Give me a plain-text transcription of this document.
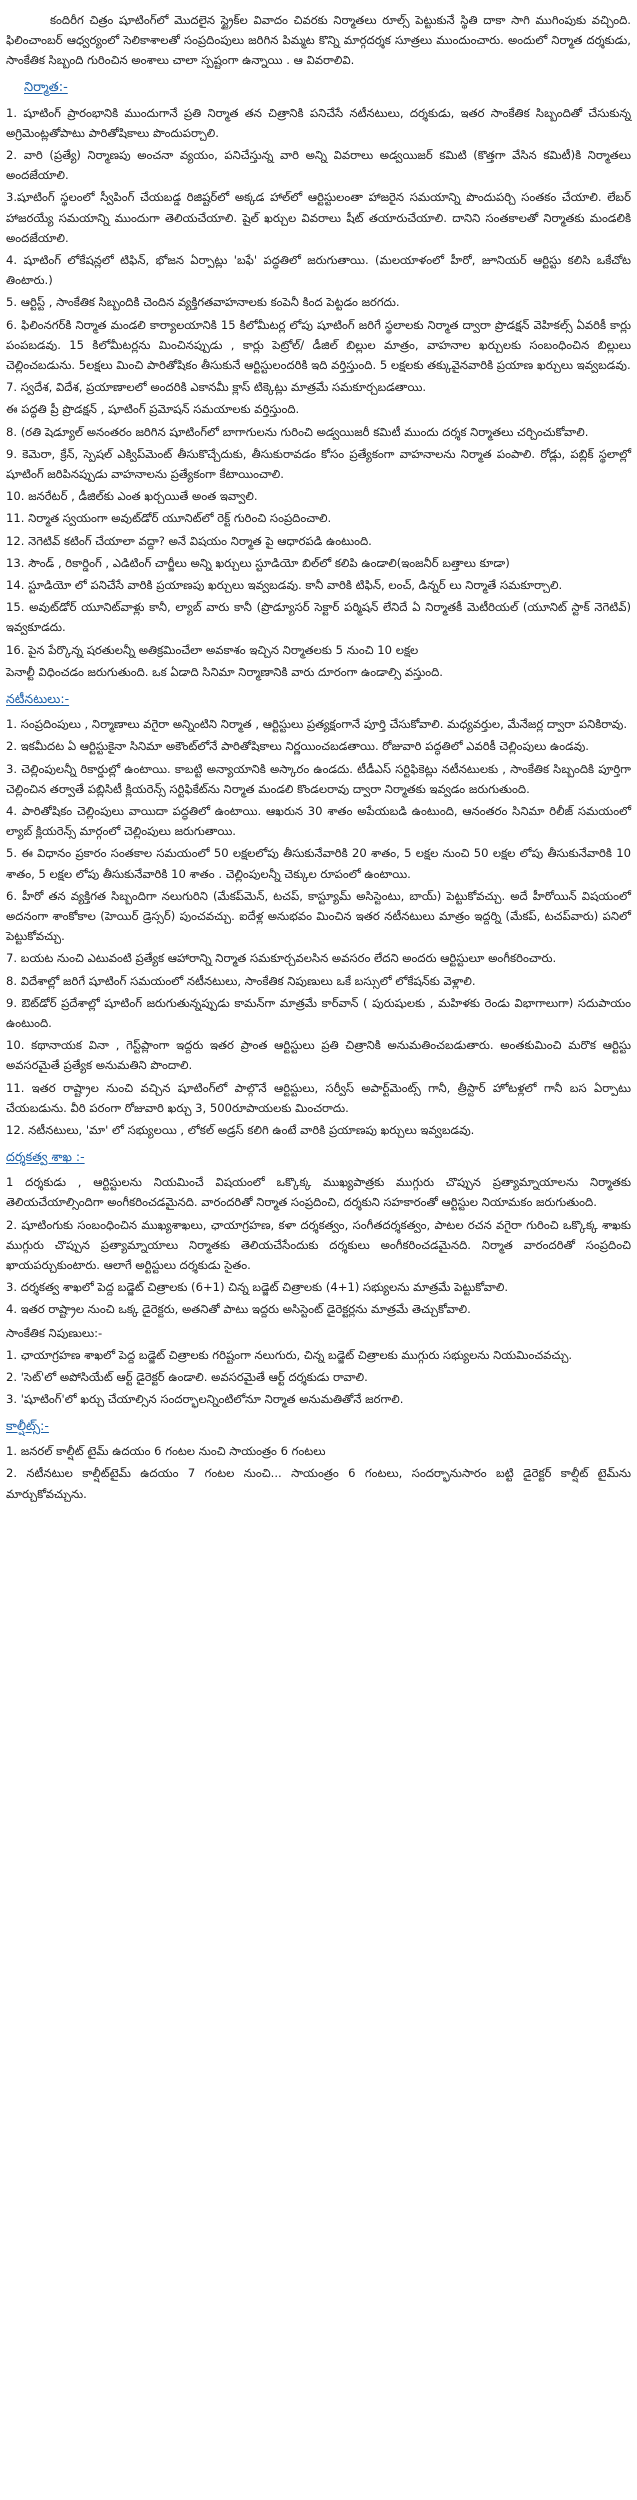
కందిరీగ చిత్రం షూటింగ్‌లో మొదలైన స్ట్రైక్‌ల వివాదం చివరకు నిర్మాతలు రూల్స్ పెట్టుకునే స్థితి దాకా సాగి ముగింపుకు వచ్చింది. ఫిలించాంబర్ ఆధ్వర్యంలో సెలికాశాలతో సంప్రదింపులు జరిగిన పిమ్మట కొన్ని మార్గదర్శక సూత్రలు ముందుంచారు. అందులో నిర్మాత దర్శకుడు, సాంకేతిక సిబ్బంది గురించిన అంశాలు చాలా స్పష్టంగా ఉన్నాయి . ఆ వివరాలివి.

నిర్మాత:-

1. షూటింగ్ ప్రారంభానికి ముందుగానే ప్రతి నిర్మాత తన చిత్రానికి పనిచేసే నటీనటులు, దర్శకుడు, ఇతర సాంకేతిక సిబ్బందితో చేసుకున్న అగ్రిమెంట్లతోపాటు పారితోషికాలు పొందుపర్చాలి.

2. వారి (ప్రత్యే) నిర్మాణపు అంచనా వ్యయం, పనిచేస్తున్న వారి అన్ని వివరాలు అడ్వయిజర్ కమిటి (కొత్తగా వేసిన కమిటీ)కి నిర్మాతలు అందజేయాలి.

3.షూటింగ్ స్థలంలో స్వీపింగ్ చేయబడ్డ రిజిష్టర్‌లో అక్కడ హాల్‌లో ఆర్టిస్టులంతా హాజరైన సమయాన్ని పొందుపర్చి సంతకం చేయాలి. లేబర్ హాజరయ్యే సమయాన్ని ముందుగా తెలియచేయాలి. షైల్ ఖర్చుల వివరాలు షీట్ తయారుచేయాలి. దానిని సంతకాలతో నిర్మాతకు మండలికి అందజేయాలి.

4. షూటింగ్ లోకేషన్లలో టిఫిన్, భోజన ఏర్పాట్లు 'బఫే' పద్ధతిలో జరుగుతాయి. (మలయాళంలో హీరో, జూనియర్ ఆర్టిస్టు కలిసి ఒకేచోట తింటారు.)

5. ఆర్టిస్ట్ , సాంకేతిక సిబ్బందికి చెందిన వ్యక్తిగతవాహనాలకు కంపెనీ కింద పెట్టడం జరగదు.

6. ఫిలింనగర్‌కి నిర్మాత మండలి కార్యాలయానికి 15 కిలోమీటర్ల లోపు షూటింగ్ జరిగే స్థలాలకు నిర్మాత ద్వారా ప్రొడక్షన్ వెహికల్స్ ఏవరికీ కార్లు పంపబడవు. 15 కిలోమీటర్లను మించినప్పుడు , కార్లు పెట్రోల్/ డీజిల్ బిల్లుల మాత్రం, వాహనాల ఖర్చులకు సంబంధించిన బిల్లులు చెల్లించబడును. 5లక్షలు మించి పారితోషికం తీసుకునే ఆర్టిస్టులందరికి ఇది వర్తిస్తుంది. 5 లక్షలకు తక్కువైనవారికి ప్రయాణ ఖర్చులు ఇవ్వబడవు.

7. స్వదేశ, విదేశ, ప్రయాణాలలో అందరికి ఎకానమీ క్లాస్ టిక్కెట్లు మాత్రమే సమకూర్చబడతాయి.

ఈ పద్ధతి ప్రీ ప్రొడక్షన్ , షూటింగ్ ప్రమోషన్ సమయాలకు వర్తిస్తుంది.

8. (రతి షెడ్యూల్ అనంతరం జరిగిన షూటింగ్‌లో బాగాగులను గురించి అడ్వయిజరీ కమిటీ ముందు దర్శక నిర్మాతలు చర్చించుకోవాలి.

9. కెమెరా, క్రేన్, స్పెషల్ ఎక్విప్‌మెంట్ తీసుకొచ్చేదుకు, తీసుకురావడం కోసం ప్రత్యేకంగా వాహనాలను నిర్మాత పంపాలి. రోడ్లు, పబ్లిక్ స్థలాల్లో షూటింగ్ జరిపినప్పుడు వాహనాలను ప్రత్యేకంగా కేటాయించాలి.

10. జనరేటర్ , డీజిల్‌కు ఎంత ఖర్చయితే అంత ఇవ్వాలి.

11. నిర్మాత స్వయంగా అవుట్‌డోర్ యూనిట్‌లో రెక్ట్ గురించి సంప్రదించాలి.

12. నెగెటివ్ కటింగ్ చేయాలా వద్దా? అనే విషయం నిర్మాత పై ఆధారపడి ఉంటుంది.

13. సౌండ్ , రికార్డింగ్ , ఎడిటింగ్ చార్జీలు అన్ని ఖర్చులు స్టూడియో బిల్‌లో కలిపి ఉండాలి(ఇంజనీర్ బత్తాలు కూడా)

14. స్టూడియో లో పనిచేసే వారికి ప్రయాణపు ఖర్చులు ఇవ్వబడవు. కానీ వారికి టిఫిన్, లంచ్, డిన్నర్ లు నిర్మాతే సమకూర్చాలి.

15. అవుట్‌డోర్ యూనిట్‌వాళ్లు కానీ, ల్యాబ్ వారు కానీ (ప్రొడ్యూసర్ సెక్టార్ పర్మిషన్ లేనిదే ఏ నిర్మాతకీ మెటీరియల్ (యూనిట్ స్టాక్ నెగెటివ్) ఇవ్వకూడదు.

16. పైన పేర్కొన్న షరతులన్నీ అతిక్రమించేలా అవకాశం ఇచ్చిన నిర్మాతలకు 5 నుంచి 10 లక్షల

పెనాల్టీ విధించడం జరుగుతుంది. ఒక ఏడాది సినిమా నిర్మాణానికి వారు దూరంగా ఉండాల్సి వస్తుంది.

నటీనటులు:-

1. సంప్రదింపులు , నిర్మాణాలు వగైరా అన్నింటిని నిర్మాత , ఆర్టిస్టులు ప్రత్యక్షంగానే పూర్తి చేసుకోవాలి. మధ్యవర్తుల, మేనేజర్ల ద్వారా పనికిరావు.

2. ఇకమీదట ఏ ఆర్టిస్టుకైనా సినిమా అకౌంట్‌లోనే పారితోషికాలు నిర్ణయించబడతాయి. రోజువారి పద్ధతిలో ఎవరికీ చెల్లింపులు ఉండవు.

3. చెల్లింపులన్నీ రికార్డుల్లో ఉంటాయి. కాబట్టి అన్యాయానికి అస్కారం ఉండదు. టీడీఎస్ సర్టిఫికెట్లు నటీనటులకు , సాంకేతిక సిబ్బందికి పూర్తిగా చెల్లించిన తర్వాతే పబ్లిసిటీ క్లియరెన్స్ సర్టిఫికేట్‌ను నిర్మాత మండలి కొండలరావు ద్వారా నిర్మాతకు ఇవ్వడం జరుగుతుంది.

4. పారితోషికం చెల్లింపులు వాయిదా పద్ధతిలో ఉంటాయి. ఆఖరున 30 శాతం అపేయబడి ఉంటుంది, ఆనంతరం సినిమా రిలీజ్ సమయంలో ల్యాబ్ క్లియరెన్స్ మార్గంలో చెల్లింపులు జరుగుతాయి.

5. ఈ విధానం ప్రకారం సంతకాల సమయంలో 50 లక్షలలోపు తీసుకునేవారికి 20 శాతం, 5 లక్షల నుంచి 50 లక్షల లోపు తీసుకునేవారికి 10 శాతం, 5 లక్షల లోపు తీసుకునేవారికి 10 శాతం . చెల్లింపులన్నీ చెక్కుల రూపంలో ఉంటాయి.

6. హీరో తన వ్యక్తిగత సిబ్బందిగా నలుగురిని (మేకప్‌మెన్, టచప్, కాస్ట్యూమ్ అసిస్టెంటు, బాయ్) పెట్టుకోవచ్చు. అదే హీరోయిన్ విషయంలో అదనంగా శాంకోకాల (హెయిర్ డ్రెస్సర్‌) పుంచవచ్చు. ఐదేళ్ల అనుభవం మించిన ఇతర నటీనటులు మాత్రం ఇద్దర్ని (మేకప్, టచప్‌వారు) పనిలో పెట్టుకోవచ్చు.

7. బయట నుంచి ఎటువంటి ప్రత్యేక ఆహారాన్ని నిర్మాత సమకూర్చవలసిన అవసరం లేదని అందరు ఆర్టిస్టులూ అంగీకరించారు.

8. విదేశాల్లో జరిగే షూటింగ్ సమయంలో నటీనటులు, సాంకేతిక నిపుణులు ఒకే బస్సులో లోకేషన్‌కు వెళ్లాలి.

9. ఔట్‌డోర్ ప్రదేశాల్లో షూటింగ్ జరుగుతున్నప్పుడు కామన్‌గా మాత్రమే కార్‌వాన్ ( పురుషులకు , మహిళకు రెండు విభాగాలుగా) సదుపాయం ఉంటుంది.

10. కథానాయక వినా , గెస్ట్‌ప్లాంగా ఇద్దరు ఇతర ప్రాంత ఆర్టిస్టులు ప్రతి చిత్రానికి అనుమతించబడుతారు. అంతకుమించి మరొక ఆర్టిస్టు అవసరమైతే ప్రత్యేక అనుమతిని పొందాలి.

11. ఇతర రాష్ట్రాల నుంచి వచ్చిన షూటింగ్‌లో పాల్గొనే ఆర్టిస్టులు, సర్వీస్ అపార్ట్‌మెంట్స్ గానీ, త్రీస్టార్ హోటళ్లలో గానీ బస ఏర్పాటు చేయబడును. వీరి పరంగా రోజువారి ఖర్చు 3, 500రూపాయలకు మించరాదు.

12. నటీనటులు, 'మా' లో సభ్యులయి , లోకల్ అడ్రస్ కలిగి ఉంటే వారికి ప్రయాణపు ఖర్చులు ఇవ్వబడవు.

దర్శకత్వ శాఖ :-

1 దర్శకుడు , ఆర్టిస్టులను నియమించే విషయంలో ఒక్కొక్క ముఖ్యపాత్రకు ముగ్గురు చొప్పున ప్రత్యామ్నాయాలను నిర్మాతకు తెలియచేయాల్సిందిగా అంగీకరించడమైనది. వారందరితో నిర్మాత సంప్రదించి, దర్శకుని సహకారంతో ఆర్టిస్టుల నియామకం జరుగుతుంది.

2. షూటింగుకు సంబంధించిన ముఖ్యశాఖలు, ఛాయాగ్రహణ, కళా దర్శకత్వం, సంగీతదర్శకత్వం, పాటల రచన వగైరా గురించి ఒక్కొక్క శాఖకు ముగ్గురు చొప్పున ప్రత్యామ్నాయాలు నిర్మాతకు తెలియచేసేందుకు దర్శకులు అంగీకరించడమైనది. నిర్మాత వారందరితో సంప్రదించి ఖాయపర్చుకుంటారు. ఆలాగే అర్టిస్టులు దర్శకుడు సైతం.

3. దర్శకత్వ శాఖలో పెద్ద బడ్జెట్ చిత్రాలకు (6+1) చిన్న బడ్జెట్ చిత్రాలకు (4+1) సభ్యులను మాత్రమే పెట్టుకోవాలి.

4. ఇతర రాష్ట్రాల నుంచి ఒక్క డైరెక్టరు, అతనితో పాటు ఇద్దరు అసిస్టెంట్ డైరెక్టర్లను మాత్రమే తెచ్చుకోవాలి.

సాంకేతిక నిపుణులు:-

1. ఛాయాగ్రహణ శాఖలో పెద్ద బడ్జెట్ చిత్రాలకు గరిష్టంగా నలుగురు, చిన్న బడ్జెట్ చిత్రాలకు ముగ్గురు సభ్యులను నియమించవచ్చు.

2. 'సెట్‌'లో అపోసియేట్ ఆర్ట్ డైరెక్టర్ ఉండాలి. అవసరమైతే ఆర్ట్ దర్శకుడు రావాలి.

3. 'షూటింగ్'లో ఖర్చు చేయాల్సిన సందర్భాలన్నింటిలోనూ నిర్మాత అనుమతితోనే జరగాలి.

కాల్షీట్స్:-

1. జనరల్ కాల్షీట్ టైమ్ ఉదయం 6 గంటల నుంచి సాయంత్రం 6 గంటలు

2. నటీనటుల కాల్షీట్‌టైమ్ ఉదయం 7 గంటల నుంచి... సాయంత్రం 6 గంటలు, సందర్భానుసారం బట్టి డైరెక్టర్ కాల్షీట్ టైమ్‌ను మార్చుకోవచ్చును.
